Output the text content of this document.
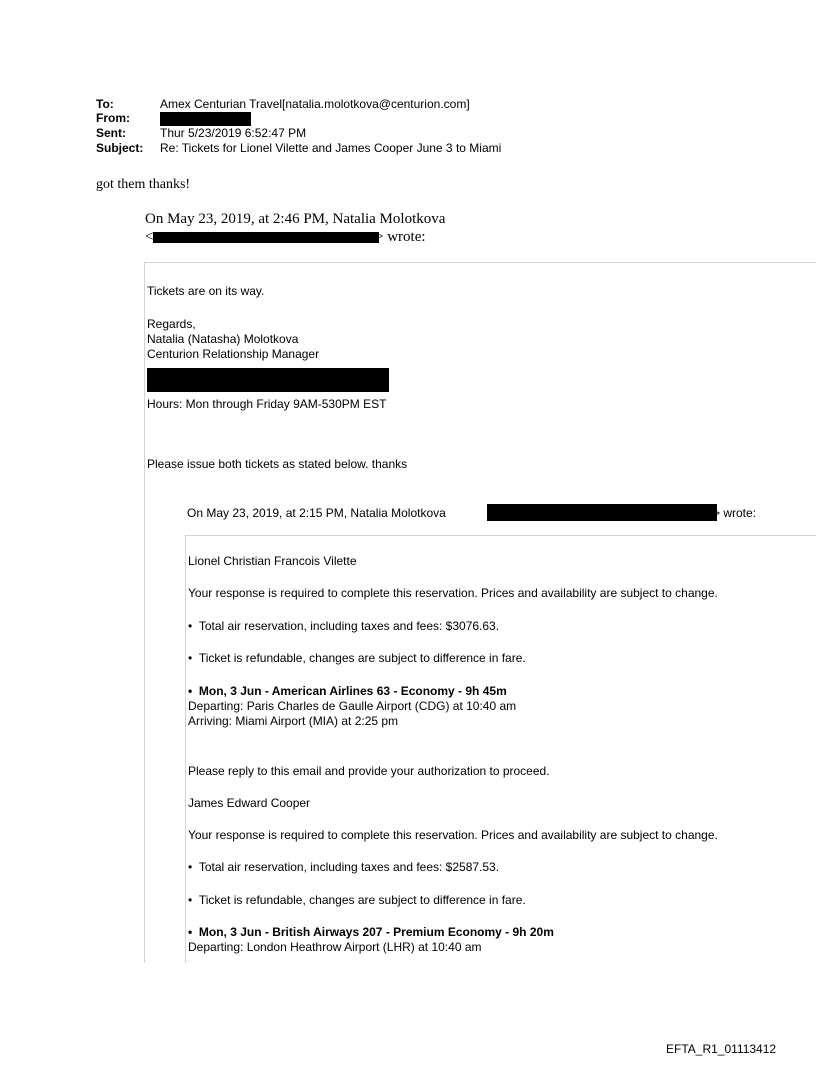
To:	Amex Centurian Travel[natalia.molotkova@centurion.com]
From:
Sent:	Thur 5/23/2019 6:52:47 PM
Subject: Re: Tickets for Lionel Vilette and James Cooper June 3 to Miami
got them thanks!
On May 23, 2019, at 2:46 PM, Natalia Molotkova
<	> wrote:
Tickets are on its way.
Regards,
Natalia (Natasha) Molotkova
Centurion Relationship Manager
Hours: Mon through Friday 9AM-530PM EST
Please issue both tickets as stated below. thanks
On May 23, 2019, at 2:15 PM, Natalia Molotkova	> wrote:
Lionel Christian Francois Vilette
Your response is required to complete this reservation. Prices and availability are subject to change.
• Total air reservation, including taxes and fees: $3076.63.
• Ticket is refundable, changes are subject to difference in fare.
• Mon, 3 Jun - American Airlines 63 - Economy - 9h 45m
Departing: Paris Charles de Gaulle Airport (CDG) at 10:40 am
Arriving: Miami Airport (MIA) at 2:25 pm
Please reply to this email and provide your authorization to proceed.
James Edward Cooper
Your response is required to complete this reservation. Prices and availability are subject to change.
• Total air reservation, including taxes and fees: $2587.53.
• Ticket is refundable, changes are subject to difference in fare.
• Mon, 3 Jun - British Airways 207 - Premium Economy - 9h 20m
Departing: London Heathrow Airport (LHR) at 10:40 am
EFTA_R1_01113412
